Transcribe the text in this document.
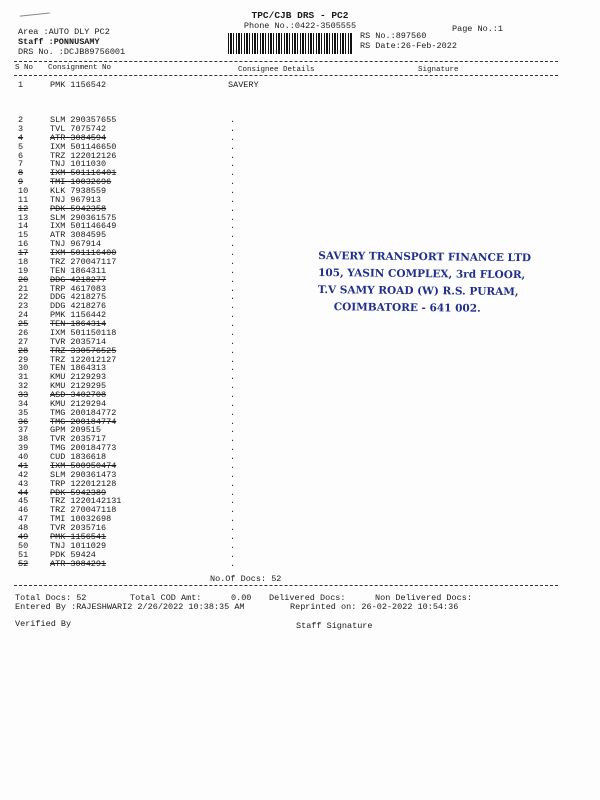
TPC/CJB DRS - PC2
Phone No.:0422-3505555	Page No.:1
Area :AUTO DLY PC2
Staff :PONNUSAMY
DRS No. :DCJB89756001
RS No.:897560
RS Date:26-Feb-2022
S No Consignment No	Consignee Details	Signature
1	PMK 1156542	SAVERY
2	SLM 290357655	.
3	TVL 7075742	.
4	ATR 3084594	.
5	IXM 501146650	.
6	TRZ 122012126	.
7	TNJ 1011030	.
8	IXM 501116401	.
9	TMI 10032696	.
10	KLK 7938559	.
11	TNJ 967913	.
12	PDK 5942358	.
13	SLM 290361575	.
14	IXM 501146649	.
15	ATR 3084595	.
16	TNJ 967914	.
17	IXM 501116400	.
18	TRZ 270047117	.
19	TEN 1864311	.
20	DDG 4218277	.
21	TRP 4617083	.
22	DDG 4218275	.
23	DDG 4218276	.
24	PMK 1156442	.
25	TEN 1864314	.
26	IXM 501150118	.
27	TVR 2035714	.
28	TRZ 330576525	.
29	TRZ 122012127	.
30	TEN 1864313	.
31	KMU 2129293	.
32	KMU 2129295	.
33	ASD 3402708	.
34	KMU 2129294	.
35	TMG 200184772	.
36	TMG 200184774	.
37	GPM 209515	.
38	TVR 2035717	.
39	TMG 200184773	.
40	CUD 1836618	.
41	IXM 500950474	.
42	SLM 290361473	.
43	TRP 122012128	.
44	PDK 5942389	.
45	TRZ 1220142131	.
46	TRZ 270047118	.
47	TMI 10032698	.
48	TVR 2035716	.
49	PMK 1156541	.
50	TNJ 1011029	.
51	PDK 59424	.
52	ATR 3084291	.
SAVERY TRANSPORT FINANCE LTD
105, YASIN COMPLEX, 3rd FLOOR,
T.V SAMY ROAD (W) R.S. PURAM,
COIMBATORE - 641 002.
No.Of Docs: 52
Total Docs: 52	Total COD Amt:	0.00 Delivered Docs:	Non Delivered Docs:
Entered By :RAJESHWARI2 2/26/2022 10:38:35 AM	Reprinted on: 26-02-2022 10:54:36
Verified By	Staff Signature
